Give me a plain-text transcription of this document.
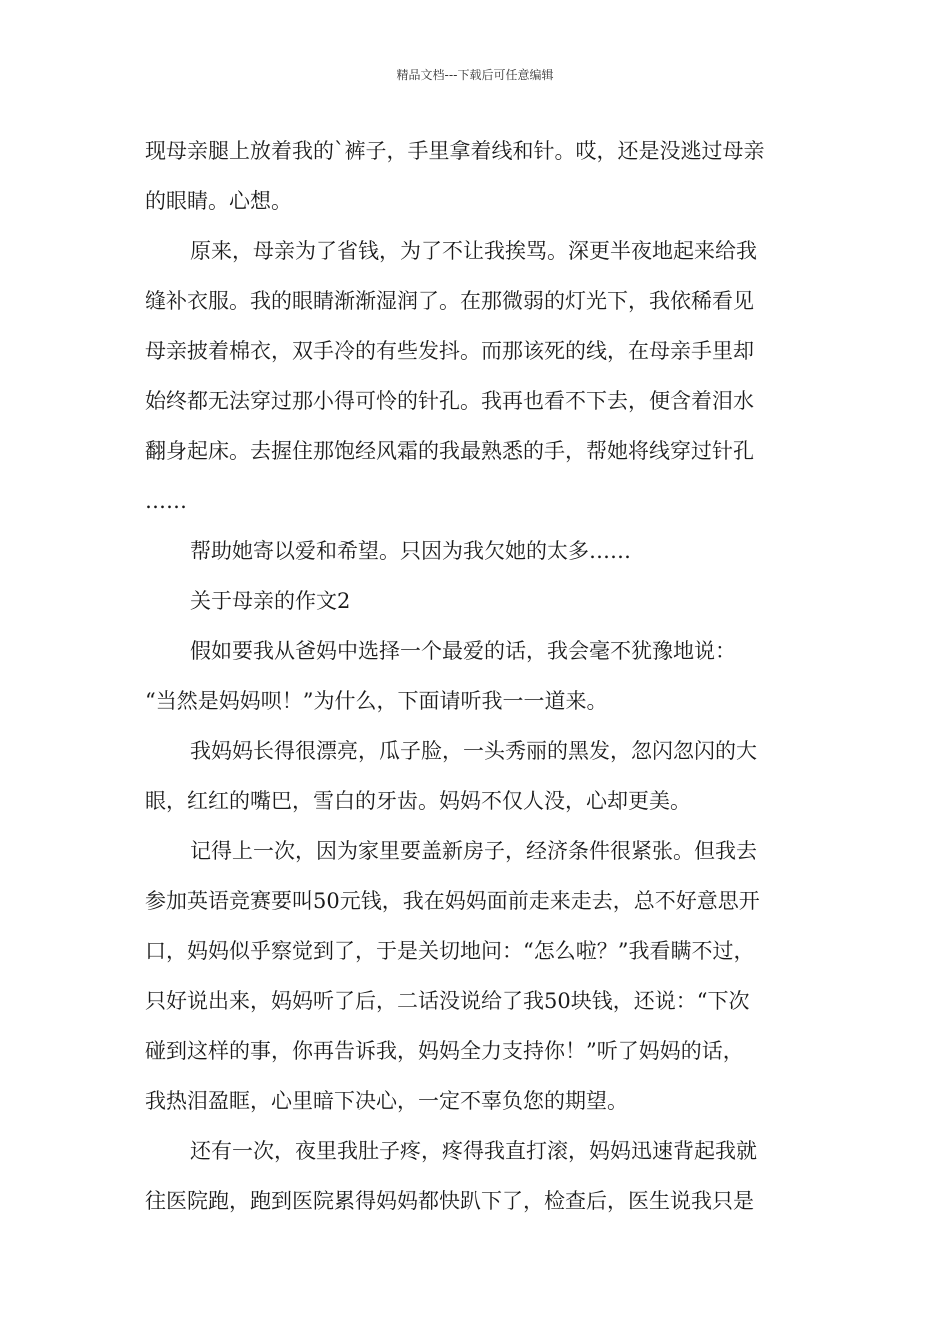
精品文档---下载后可任意编辑
现母亲腿上放着我的`裤子，手里拿着线和针。哎，还是没逃过母亲
的眼睛。心想。
原来，母亲为了省钱，为了不让我挨骂。深更半夜地起来给我
缝补衣服。我的眼睛渐渐湿润了。在那微弱的灯光下，我依稀看见
母亲披着棉衣，双手冷的有些发抖。而那该死的线，在母亲手里却
始终都无法穿过那小得可怜的针孔。我再也看不下去，便含着泪水
翻身起床。去握住那饱经风霜的我最熟悉的手，帮她将线穿过针孔
……
帮助她寄以爱和希望。只因为我欠她的太多……
关于母亲的作文2
假如要我从爸妈中选择一个最爱的话，我会毫不犹豫地说：
“当然是妈妈呗！”为什么，下面请听我一一道来。
我妈妈长得很漂亮，瓜子脸，一头秀丽的黑发，忽闪忽闪的大
眼，红红的嘴巴，雪白的牙齿。妈妈不仅人没，心却更美。
记得上一次，因为家里要盖新房子，经济条件很紧张。但我去
参加英语竞赛要叫50元钱，我在妈妈面前走来走去，总不好意思开
口，妈妈似乎察觉到了，于是关切地问：“怎么啦？”我看瞒不过，
只好说出来，妈妈听了后，二话没说给了我50块钱，还说：“下次
碰到这样的事，你再告诉我，妈妈全力支持你！”听了妈妈的话，
我热泪盈眶，心里暗下决心，一定不辜负您的期望。
还有一次，夜里我肚子疼，疼得我直打滚，妈妈迅速背起我就
往医院跑，跑到医院累得妈妈都快趴下了，检查后，医生说我只是
